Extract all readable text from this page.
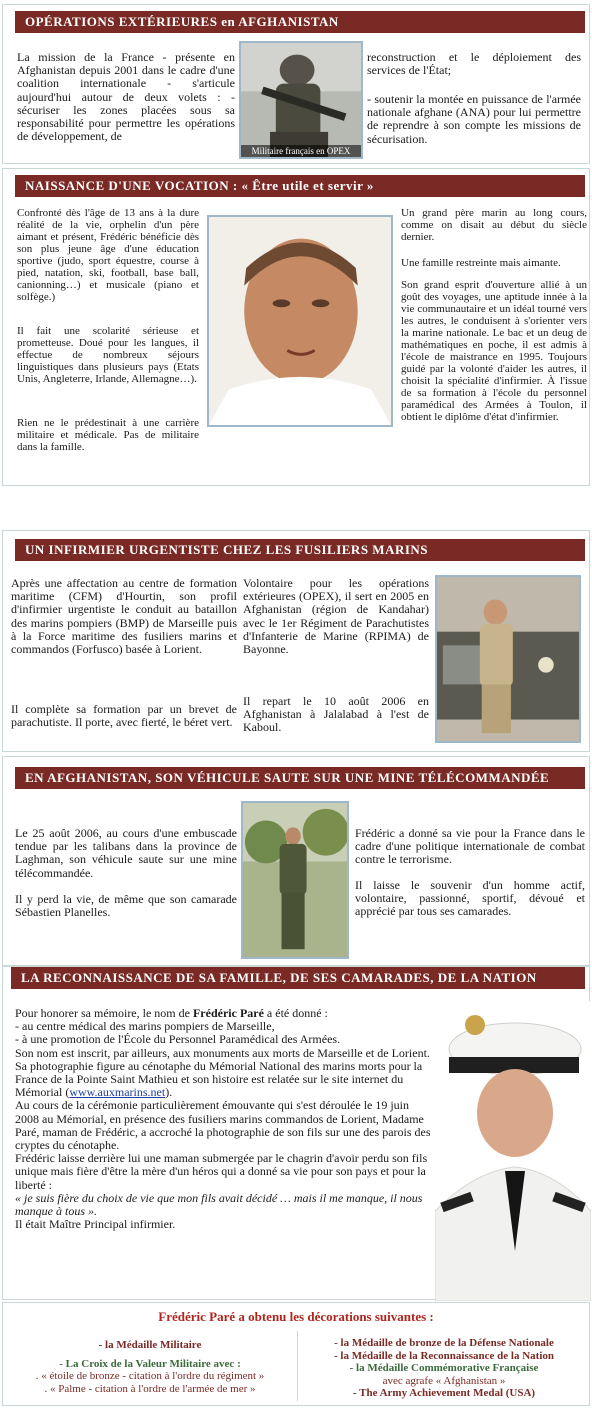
OPÉRATIONS EXTÉRIEURES en AFGHANISTAN
La mission de la France - présente en Afghanistan depuis 2001 dans le cadre d'une coalition internationale - s'articule aujourd'hui autour de deux volets : - sécuriser les zones placées sous sa responsabilité pour permettre les opérations de développement, de
Militaire français en OPEX
reconstruction et le déploiement des services de l'État;
- soutenir la montée en puissance de l'armée nationale afghane (ANA) pour lui permettre de reprendre à son compte les missions de sécurisation.
NAISSANCE D'UNE VOCATION : « Être utile et servir »
Confronté dès l'âge de 13 ans à la dure réalité de la vie, orphelin d'un père aimant et présent, Frédéric bénéficie dès son plus jeune âge d'une éducation sportive (judo, sport équestre, course à pied, natation, ski, football, base ball, canionning…) et musicale (piano et solfège.)
Il fait une scolarité sérieuse et prometteuse. Doué pour les langues, il effectue de nombreux séjours linguistiques dans plusieurs pays (Etats Unis, Angleterre, Irlande, Allemagne…).
Rien ne le prédestinait à une carrière militaire et médicale. Pas de militaire dans la famille.
Un grand père marin au long cours, comme on disait au début du siècle dernier.
Une famille restreinte mais aimante.
Son grand esprit d'ouverture allié à un goût des voyages, une aptitude innée à la vie communautaire et un idéal tourné vers les autres, le conduisent à s'orienter vers la marine nationale. Le bac et un deug de mathématiques en poche, il est admis à l'école de maistrance en 1995. Toujours guidé par la volonté d'aider les autres, il choisit la spécialité d'infirmier. À l'issue de sa formation à l'école du personnel paramédical des Armées à Toulon, il obtient le diplôme d'état d'infirmier.
UN INFIRMIER URGENTISTE CHEZ LES FUSILIERS MARINS
Après une affectation au centre de formation maritime (CFM) d'Hourtin, son profil d'infirmier urgentiste le conduit au bataillon des marins pompiers (BMP) de Marseille puis à la Force maritime des fusiliers marins et commandos (Forfusco) basée à Lorient.
Il complète sa formation par un brevet de parachutiste. Il porte, avec fierté, le béret vert.
Volontaire pour les opérations extérieures (OPEX), il sert en 2005 en Afghanistan (région de Kandahar) avec le 1er Régiment de Parachutistes d'Infanterie de Marine (RPIMA) de Bayonne.
Il repart le 10 août 2006 en Afghanistan à Jalalabad à l'est de Kaboul.
EN AFGHANISTAN, SON VÉHICULE SAUTE SUR UNE MINE TÉLÉCOMMANDÉE
Le 25 août 2006, au cours d'une embuscade tendue par les talibans dans la province de Laghman, son véhicule saute sur une mine télécommandée.
Il y perd la vie, de même que son camarade Sébastien Planelles.
Frédéric a donné sa vie pour la France dans le cadre d'une politique internationale de combat contre le terrorisme.
Il laisse le souvenir d'un homme actif, volontaire, passionné, sportif, dévoué et apprécié par tous ses camarades.
LA RECONNAISSANCE DE SA FAMILLE, DE SES CAMARADES, DE LA NATION
Pour honorer sa mémoire, le nom de Frédéric Paré a été donné :
- au centre médical des marins pompiers de Marseille,
- à une promotion de l'École du Personnel Paramédical des Armées.
Son nom est inscrit, par ailleurs, aux monuments aux morts de Marseille et de Lorient.
Sa photographie figure au cénotaphe du Mémorial National des marins morts pour la France de la Pointe Saint Mathieu et son histoire est relatée sur le site internet du Mémorial (www.auxmarins.net).
Au cours de la cérémonie particulièrement émouvante qui s'est déroulée le 19 juin 2008 au Mémorial, en présence des fusiliers marins commandos de Lorient, Madame Paré, maman de Frédéric, a accroché la photographie de son fils sur une des parois des cryptes du cénotaphe.
Frédéric laisse derrière lui une maman submergée par le chagrin d'avoir perdu son fils unique mais fière d'être la mère d'un héros qui a donné sa vie pour son pays et pour la liberté :
« je suis fière du choix de vie que mon fils avait décidé … mais il me manque, il nous manque à tous ».
Il était Maître Principal infirmier.
Frédéric Paré a obtenu les décorations suivantes :
- la Médaille Militaire
- La Croix de la Valeur Militaire avec :
. « étoile de bronze - citation à l'ordre du régiment »
. « Palme - citation à l'ordre de l'armée de mer »
- la Médaille de bronze de la Défense Nationale
- la Médaille de la Reconnaissance de la Nation
- la Médaille Commémorative Française
avec agrafe « Afghanistan »
- The Army Achievement Medal (USA)
